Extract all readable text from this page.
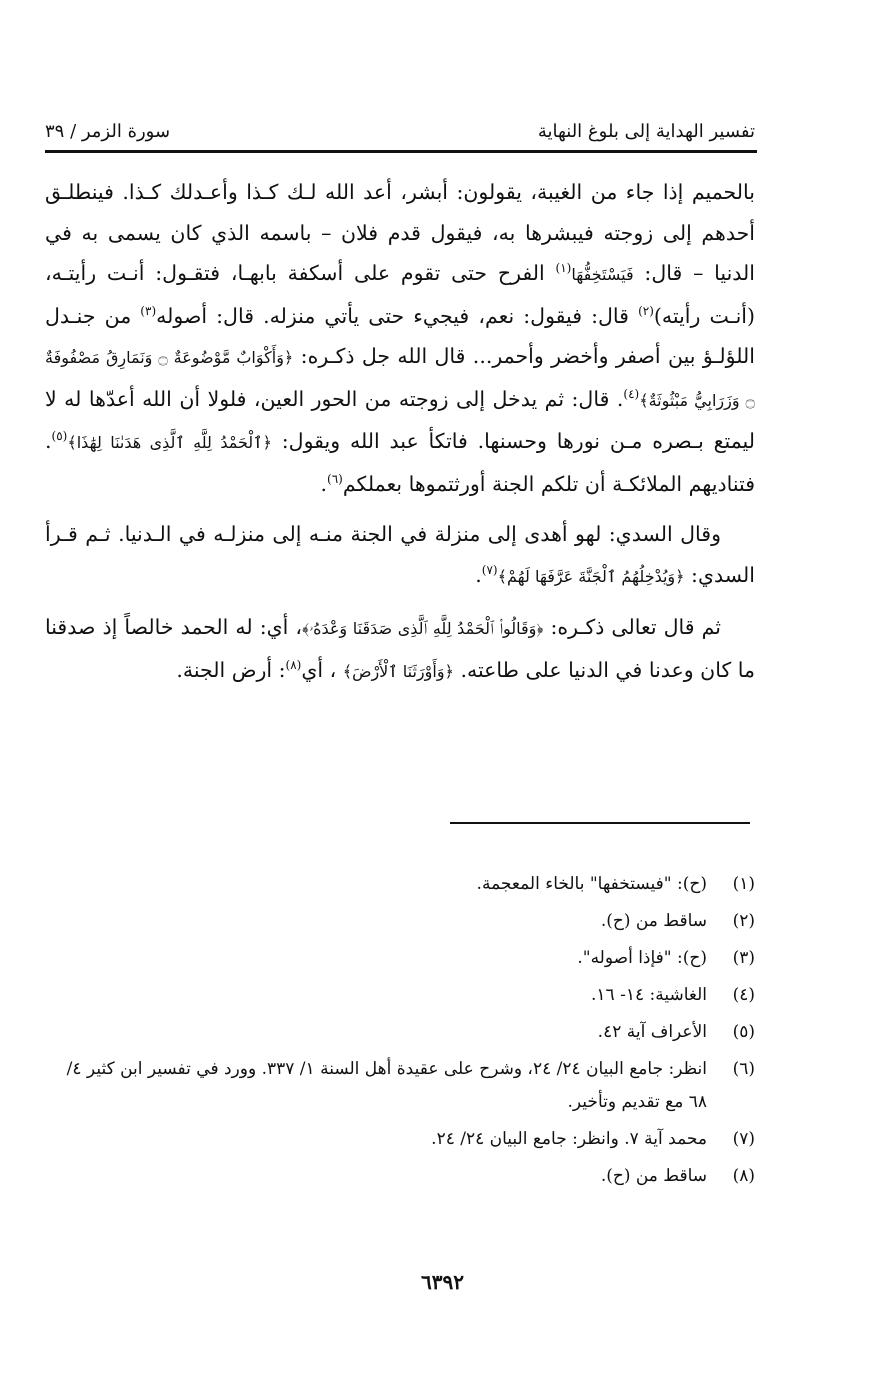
تفسير الهداية إلى بلوغ النهاية
سورة الزمر / ٣٩

بالحميم إذا جاء من الغيبة، يقولون: أبشر، أعد الله لـك كـذا وأعـدلك كـذا. فينطلـق أحدهم إلى زوجته فيبشرها به، فيقول قدم فلان – باسمه الذي كان يسمى به في الدنيا – قال: فَيَسْتَخِفُّهَا$^{(١)}$ الفرح حتى تقوم على أسكفة بابهـا، فتقـول: أنـت رأيتـه، (أنـت رأيته)$^{(٢)}$ قال: فيقول: نعم، فيجيء حتى يأتي منزله. قال: أصوله$^{(٣)}$ من جنـدل اللؤلـؤ بين أصفر وأخضر وأحمر... قال الله جل ذكـره: ﴿وَأَكْوَابٌ مَّوْضُوعَةٌ ۝ وَنَمَارِقُ مَصْفُوفَةٌ ۝ وَزَرَابِيُّ مَبْثُوثَةٌ﴾$^{(٤)}$. قال: ثم يدخل إلى زوجته من الحور العين، فلولا أن الله أعدّها له لا ليمتع بـصره مـن نورها وحسنها. فاتكأ عبد الله ويقول: ﴿ٱلْحَمْدُ لِلَّهِ ٱلَّذِى هَدَىٰنَا لِهَٰذَا﴾$^{(٥)}$. فتناديهم الملائكـة أن تلكم الجنة أورثتموها بعملكم$^{(٦)}$.

وقال السدي: لهو أهدى إلى منزلة في الجنة منـه إلى منزلـه في الـدنيا. ثـم قـرأ السدي: ﴿وَيُدْخِلُهُمُ ٱلْجَنَّةَ عَرَّفَهَا لَهُمْ﴾$^{(٧)}$.

ثم قال تعالى ذكـره: ﴿وَقَالُوا۟ ٱلْحَمْدُ لِلَّهِ ٱلَّذِى صَدَقَنَا وَعْدَهُۥ﴾، أي: له الحمد خالصاً إذ صدقنا ما كان وعدنا في الدنيا على طاعته. ﴿وَأَوْرَثَنَا ٱلْأَرْضَ﴾ ، أي$^{(٨)}$: أرض الجنة.

(١)
(ح): "فيستخفها" بالخاء المعجمة.
(٢)
ساقط من (ح).
(٣)
(ح): "فإذا أصوله".
(٤)
الغاشية: ١٤- ١٦.
(٥)
الأعراف آية ٤٢.
(٦)
انظر: جامع البيان ٢٤/ ٢٤، وشرح على عقيدة أهل السنة ١/ ٣٣٧. وورد في تفسير ابن كثير ٤/ ٦٨ مع تقديم وتأخير.
(٧)
محمد آية ٧. وانظر: جامع البيان ٢٤/ ٢٤.
(٨)
ساقط من (ح).
٦٣٩٢
